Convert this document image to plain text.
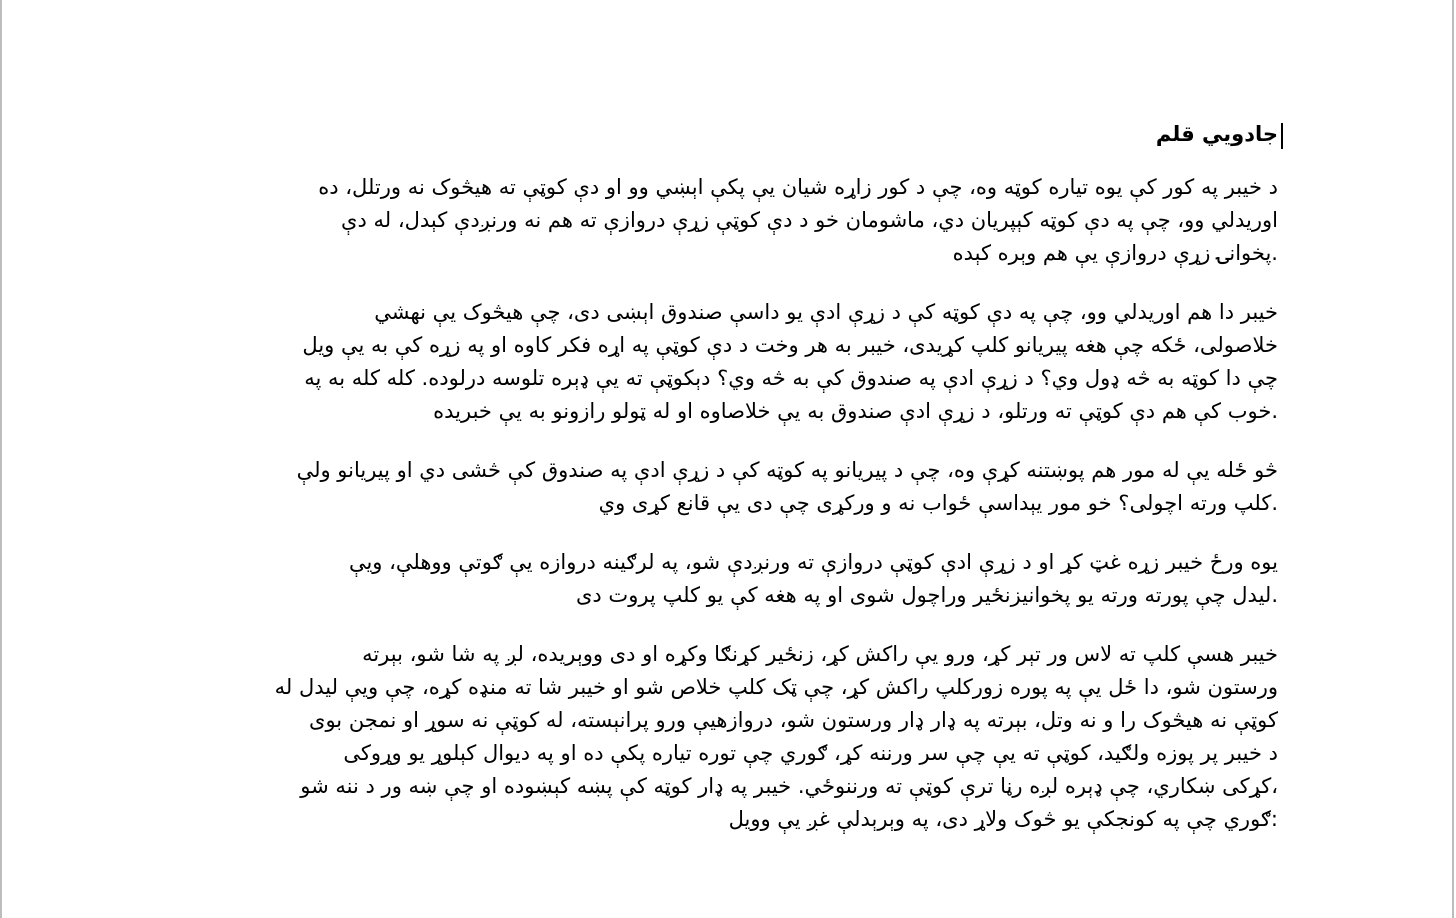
جادويي قلم
د خيبر په کور کې يوه تياره کوټه وه، چې د کور زاړه شيان يې پکې اېښي وو او دې کوټې ته هيڅوک نه ورتلل، ده
اوريدلي وو، چې په دې کوټه کېپريان دي، ماشومان خو د دې کوټې زړې دروازې ته هم نه ورنږدې کېدل، له دې
.پخوانۍ زړې دروازې يې هم وېره کېده
خيبر دا هم اوريدلي وو، چې په دې کوټه کې د زړې ادې يو داسې صندوق اېښی دی، چې هيڅوک يې نهشي
خلاصولی، ځکه چې هغه پيريانو کلپ کړيدی، خيبر به هر وخت د دې کوټې په اړه فکر کاوه او په زړه کې به يې ويل
چې دا کوټه به څه ډول وي؟ د زړې ادې په صندوق کې به څه وي؟ دېکوټې ته يې ډېره تلوسه درلوده. کله کله به په
.خوب کې هم دې کوټې ته ورتلو، د زړې ادې صندوق به يې خلاصاوه او له ټولو رازونو به يې خبريده
څو ځله يې له مور هم پوښتنه کړې وه، چې د پيريانو په کوټه کې د زړې ادې په صندوق کې څشی دي او پيريانو ولې
.کلپ ورته اچولی؟ خو مور يېداسې ځواب نه و ورکړی چې دی يې قانع کړی وي
يوه ورځ خيبر زړه غټ کړ او د زړې ادې کوټې دروازې ته ورنږدې شو، په لرګينه دروازه يې ګوتې ووهلې، ويې
.ليدل چې پورته ورته يو پخوانيزنځير وراچول شوی او په هغه کې يو کلپ پروت دی
خيبر هسې کلپ ته لاس ور تېر کړ، ورو يې راکش کړ، زنځير کړنګا وکړه او دی ووېريده، لږ په شا شو، بېرته
ورستون شو، دا ځل يې په پوره زورکلپ راکش کړ، چې ټک کلپ خلاص شو او خيبر شا ته منډه کړه، چې ويې ليدل له
کوټې نه هيڅوک را و نه وتل، بېرته په ډار ډار ورستون شو، دروازهيې ورو پرانېسته، له کوټې نه سوړ او نمجن بوی
د خيبر پر پوزه ولګيد، کوټې ته يې چې سر ورننه کړ، ګوري چې توره تياره پکې ده او په ديوال کېلوړ يو وړوکی
،کړکی ښکاري، چې ډېره لږه رڼا ترې کوټې ته ورننوځي. خيبر په ډار کوټه کې پښه کېښوده او چې ښه ور د ننه شو
:ګوري چې په کونجکې يو څوک ولاړ دی، په وېرېدلې غږ يې وويل
